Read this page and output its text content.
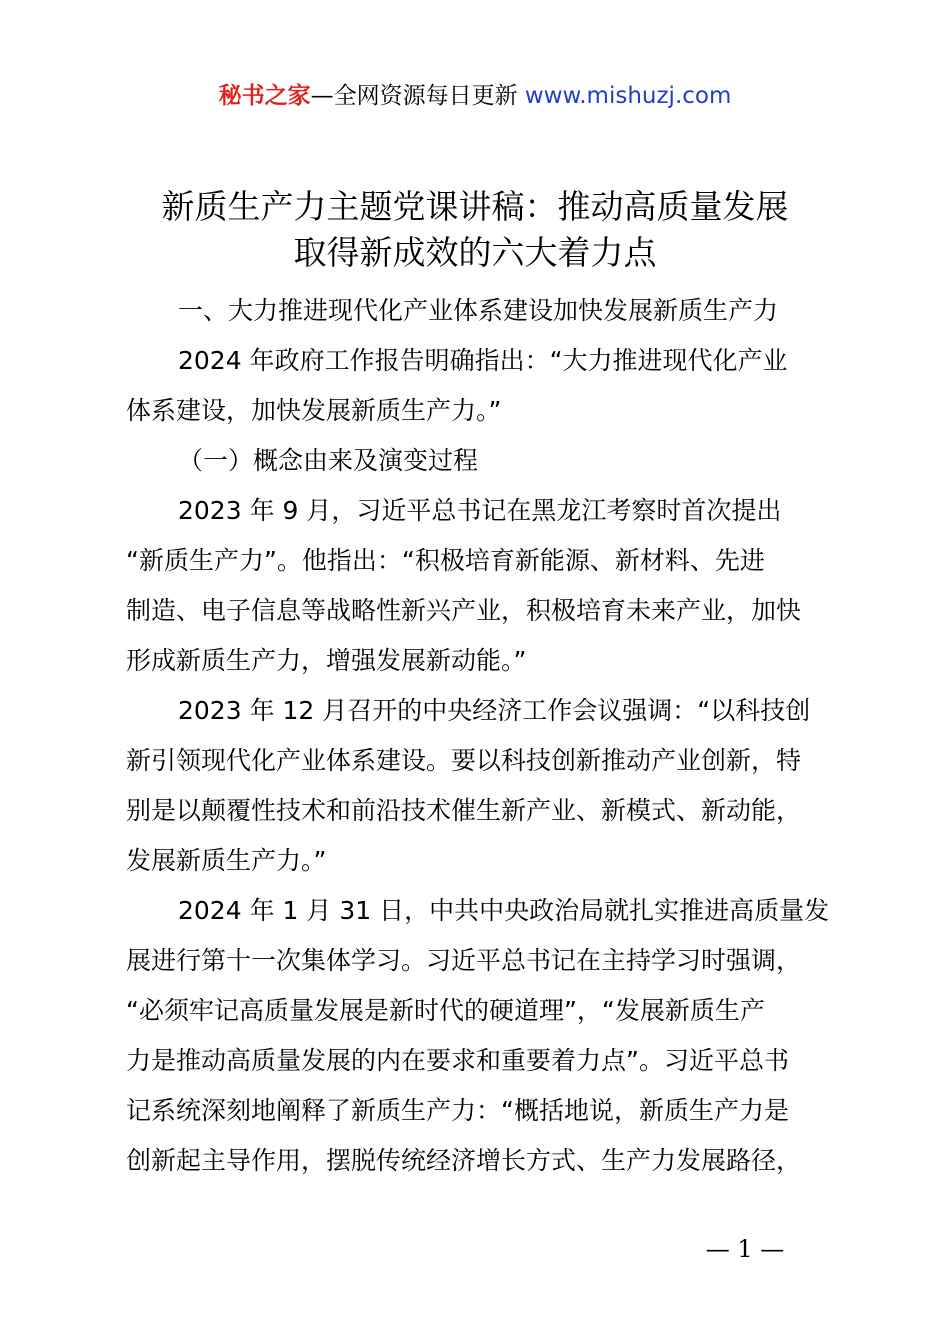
秘书之家—全网资源每日更新 www.mishuzj.com
新质生产力主题党课讲稿：推动高质量发展
取得新成效的六大着力点
一、大力推进现代化产业体系建设加快发展新质生产力
2024 年政府工作报告明确指出：“大力推进现代化产业
体系建设，加快发展新质生产力。”
（一）概念由来及演变过程
2023 年 9 月，习近平总书记在黑龙江考察时首次提出
“新质生产力”。他指出：“积极培育新能源、新材料、先进
制造、电子信息等战略性新兴产业，积极培育未来产业，加快
形成新质生产力，增强发展新动能。”
2023 年 12 月召开的中央经济工作会议强调：“以科技创
新引领现代化产业体系建设。要以科技创新推动产业创新，特
别是以颠覆性技术和前沿技术催生新产业、新模式、新动能，
发展新质生产力。”
2024 年 1 月 31 日，中共中央政治局就扎实推进高质量发
展进行第十一次集体学习。习近平总书记在主持学习时强调，
“必须牢记高质量发展是新时代的硬道理”，“发展新质生产
力是推动高质量发展的内在要求和重要着力点”。习近平总书
记系统深刻地阐释了新质生产力：“概括地说，新质生产力是
创新起主导作用，摆脱传统经济增长方式、生产力发展路径，
— 1 —
